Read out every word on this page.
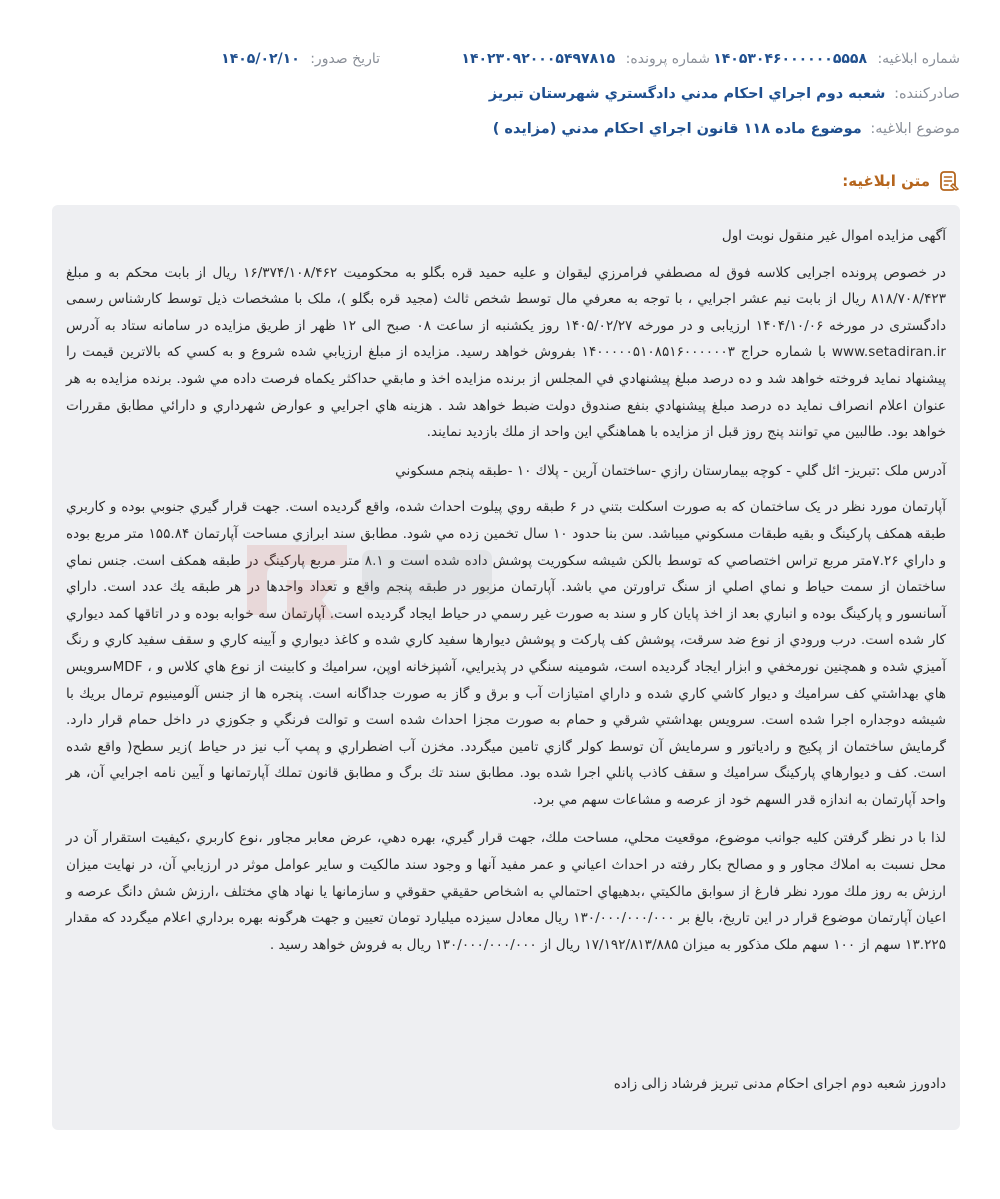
شماره ابلاغیه: ۱۴۰۵۳۰۴۶۰۰۰۰۰۰۵۵۵۸
شماره پرونده: ۱۴۰۲۳۰۹۲۰۰۰۵۴۹۷۸۱۵
تاریخ صدور: ۱۴۰۵/۰۲/۱۰
صادرکننده: شعبه دوم اجراي احكام مدني دادگستري شهرستان تبريز
موضوع ابلاغیه: موضوع ماده ۱۱۸ قانون اجراي احكام مدني (مزايده )
متن ابلاغیه:

آگهی مزایده اموال غیر منقول نوبت اول

در خصوص پرونده اجرایی کلاسه فوق له مصطفي فرامرزي ليقوان و علیه حميد قره بگلو به محكوميت ۱۶/۳۷۴/۱۰۸/۴۶۲ ريال از بابت محكم به و مبلغ ۸۱۸/۷۰۸/۴۲۳ ريال از بابت نيم عشر اجرايي ، با توجه به معرفي مال توسط شخص ثالث (مجيد قره بگلو )، ملک با مشخصات ذیل توسط کارشناس رسمی دادگستری در مورخه ۱۴۰۴/۱۰/۰۶ ارزیابی و در مورخه ۱۴۰۵/۰۲/۲۷ روز يكشنبه از ساعت ۰۸ صبح الی ۱۲ ظهر از طريق مزايده در سامانه ستاد به آدرس www.setadiran.ir با شماره حراج ۱۴۰۰۰۰۰۵۱۰۸۵۱۶۰۰۰۰۰۰۳ بفروش خواهد رسيد. مزايده از مبلغ ارزيابي شده شروع و به كسي كه بالاترين قيمت را پيشنهاد نمايد فروخته خواهد شد و ده درصد مبلغ پيشنهادي في المجلس از برنده مزايده اخذ و مابقي حداكثر يكماه فرصت داده مي شود. برنده مزايده به هر عنوان اعلام انصراف نمايد ده درصد مبلغ پيشنهادي بنفع صندوق دولت ضبط خواهد شد . هزينه هاي اجرايي و عوارض شهرداري و دارائي مطابق مقررات خواهد بود. طالبين مي توانند پنج روز قبل از مزايده با هماهنگي اين واحد از ملك بازديد نمايند.

آدرس ملک :تبريز- ائل گلي - كوچه بيمارستان رازي -ساختمان آرين - پلاك ۱۰ -طبقه پنجم مسكوني

آپارتمان مورد نظر در یک ساختمان که به صورت اسکلت بتني در ۶ طبقه روي پیلوت احداث شده، واقع گردیده است. جهت قرار گیري جنوبي بوده و کاربري طبقه همكف پاركينگ و بقیه طبقات مسكوني میباشد. سن بنا حدود ۱۰ سال تخمین زده مي شود. مطابق سند ابرازي مساحت آپارتمان ۱۵۵.۸۴ متر مربع بوده و داراي ۷.۲۶متر مربع تراس اختصاصي كه توسط بالكن شيشه سكوريت پوشش داده شده است و ۸.۱ متر مربع پاركينگ در طبقه همكف است. جنس نماي ساختمان از سمت حياط و نماي اصلي از سنگ تراورتن مي باشد. آپارتمان مزبور در طبقه پنجم واقع و تعداد واحدها در هر طبقه يك عدد است. داراي آسانسور و پاركينگ بوده و انباري بعد از اخذ پايان كار و سند به صورت غير رسمي در حياط ايجاد گرديده است. آپارتمان سه خوابه بوده و در اتاقها كمد ديواري كار شده است. درب ورودي از نوع ضد سرقت، پوشش كف پاركت و پوشش ديوارها سفيد كاري شده و كاغذ ديواري و آيينه كاري و سقف سفيد كاري و رنگ آميزي شده و همچنين نورمخفي و ابزار ايجاد گرديده است، شومينه سنگي در پذيرايي، آشپزخانه اوپن، سراميك و كابينت از نوع هاي كلاس و ، MDFسرويس هاي بهداشتي كف سراميك و ديوار كاشي كاري شده و داراي امتيازات آب و برق و گاز به صورت جداگانه است. پنجره ها از جنس آلومینیوم ترمال بريك با شيشه دوجداره اجرا شده است. سرويس بهداشتي شرقي و حمام به صورت مجزا احداث شده است و توالت فرنگي و جكوزي در داخل حمام قرار دارد. گرمايش ساختمان از پكيج و رادياتور و سرمايش آن توسط كولر گازي تامين ميگردد. مخزن آب اضطراري و پمپ آب نيز در حياط )زير سطح( واقع شده است. كف و ديوارهاي پاركينگ سراميك و سقف كاذب پانلي اجرا شده بود. مطابق سند تك برگ و مطابق قانون تملك آپارتمانها و آيين نامه اجرايي آن، هر واحد آپارتمان به اندازه قدر السهم خود از عرصه و مشاعات سهم مي برد.

لذا با در نظر گرفتن كليه جوانب موضوع، موقعيت محلي، مساحت ملك، جهت قرار گيري، بهره دهي، عرض معابر مجاور ،نوع كاربري ،كيفيت استقرار آن در محل نسبت به املاك مجاور و و مصالح بكار رفته در احداث اعياني و عمر مفيد آنها و وجود سند مالكيت و ساير عوامل موثر در ارزيابي آن، در نهايت ميزان ارزش به روز ملك مورد نظر فارغ از سوابق مالكيتي ،بدهيهاي احتمالي به اشخاص حقيقي حقوقي و سازمانها يا نهاد هاي مختلف ،ارزش شش دانگ عرصه و اعيان آپارتمان موضوع قرار در اين تاريخ، بالغ بر ۱۳۰/۰۰۰/۰۰۰/۰۰۰ ريال معادل سيزده ميليارد تومان تعيين و جهت هرگونه بهره برداري اعلام ميگردد كه مقدار ۱۳.۲۲۵ سهم از ۱۰۰ سهم ملک مذكور به ميزان ۱۷/۱۹۲/۸۱۳/۸۸۵ ريال از ۱۳۰/۰۰۰/۰۰۰/۰۰۰ ريال به فروش خواهد رسيد .

دادورز شعبه دوم اجرای احکام مدنی تبریز فرشاد زالی زاده
